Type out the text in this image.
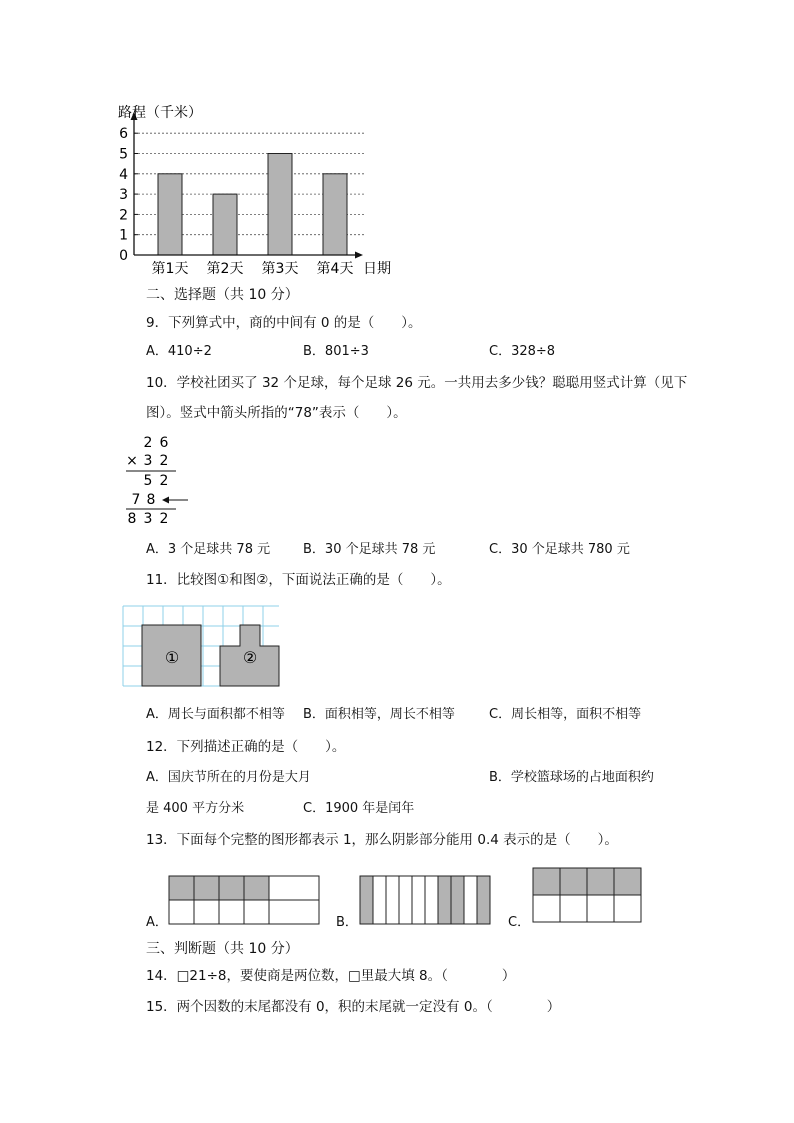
0
1
2
3
4
5
6
第1天 第2天 第3天 第4天
路程（千米）
日期
二、选择题（共 10 分）
9．下列算式中，商的中间有 0 的是（　　）。
A．410÷2	B．801÷3	C．328÷8
10．学校社团买了 32 个足球，每个足球 26 元。一共用去多少钱？聪聪用竖式计算（见下
图）。竖式中箭头所指的“78”表示（　　）。
2 6
× 3 2
5 2
7 8
8 3 2
A．3 个足球共 78 元	B．30 个足球共 78 元	C．30 个足球共 780 元
11．比较图①和图②，下面说法正确的是（　　）。
①	②
A．周长与面积都不相等 B．面积相等，周长不相等	C．周长相等，面积不相等
12．下列描述正确的是（　　）。
A．国庆节所在的月份是大月	B．学校篮球场的占地面积约
是 400 平方分米	C．1900 年是闰年
13．下面每个完整的图形都表示 1，那么阴影部分能用 0.4 表示的是（　　）。
A．	B．	C．
三、判断题（共 10 分）
14．□21÷8，要使商是两位数，□里最大填 8。（　　　　）
15．两个因数的末尾都没有 0，积的末尾就一定没有 0。（　　　　）
